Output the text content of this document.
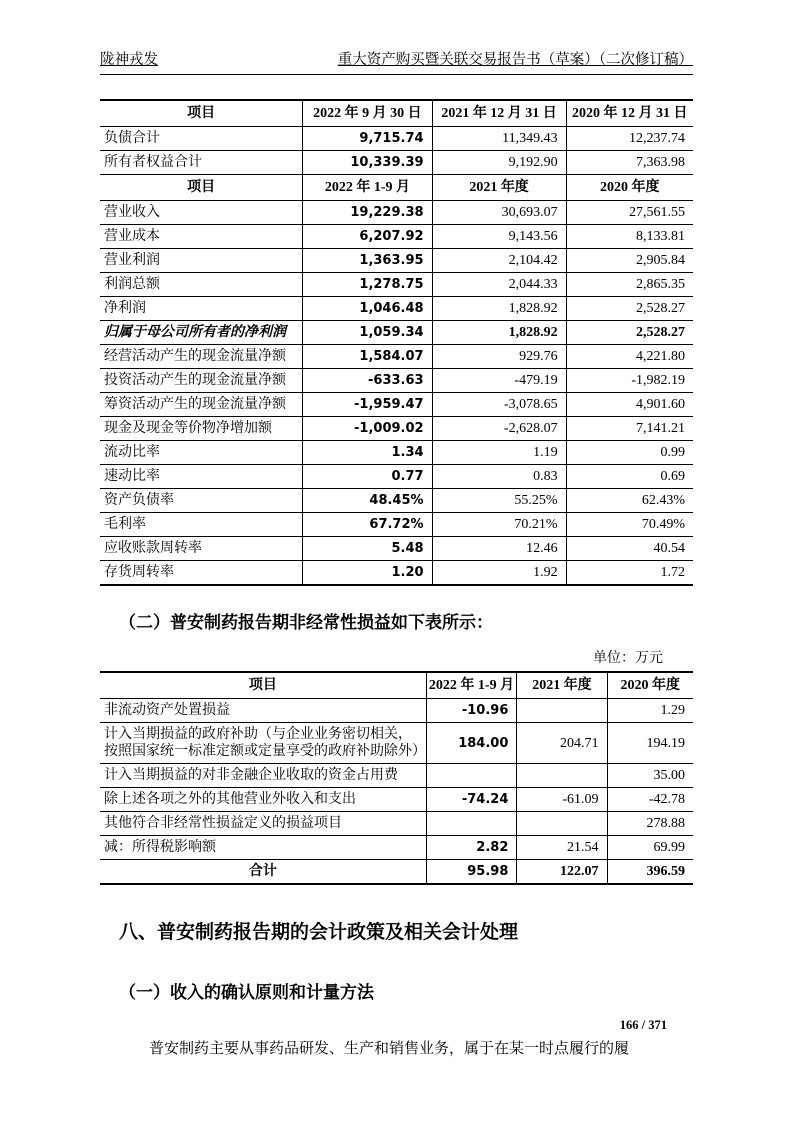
陇神戎发	重大资产购买暨关联交易报告书（草案）（二次修订稿）
项目	2022 年 9 月 30 日	2021 年 12 月 31 日	2020 年 12 月 31 日
负债合计	9,715.74	11,349.43	12,237.74
所有者权益合计	10,339.39	9,192.90	7,363.98
项目	2022 年 1-9 月	2021 年度	2020 年度
营业收入	19,229.38	30,693.07	27,561.55
营业成本	6,207.92	9,143.56	8,133.81
营业利润	1,363.95	2,104.42	2,905.84
利润总额	1,278.75	2,044.33	2,865.35
净利润	1,046.48	1,828.92	2,528.27
归属于母公司所有者的净利润	1,059.34	1,828.92	2,528.27
经营活动产生的现金流量净额	1,584.07	929.76	4,221.80
投资活动产生的现金流量净额	-633.63	-479.19	-1,982.19
筹资活动产生的现金流量净额	-1,959.47	-3,078.65	4,901.60
现金及现金等价物净增加额	-1,009.02	-2,628.07	7,141.21
流动比率	1.34	1.19	0.99
速动比率	0.77	0.83	0.69
资产负债率	48.45%	55.25%	62.43%
毛利率	67.72%	70.21%	70.49%
应收账款周转率	5.48	12.46	40.54
存货周转率	1.20	1.92	1.72
（二）普安制药报告期非经常性损益如下表所示：
单位：万元
项目	2022 年 1-9 月	2021 年度	2020 年度
非流动资产处置损益	-10.96		1.29
计入当期损益的政府补助（与企业业务密切相关，按照国家统一标准定额或定量享受的政府补助除外）	184.00	204.71	194.19
计入当期损益的对非金融企业收取的资金占用费			35.00
除上述各项之外的其他营业外收入和支出	-74.24	-61.09	-42.78
其他符合非经常性损益定义的损益项目			278.88
减：所得税影响额	2.82	21.54	69.99
合计	95.98	122.07	396.59
八、普安制药报告期的会计政策及相关会计处理
（一）收入的确认原则和计量方法

普安制药主要从事药品研发、生产和销售业务，属于在某一时点履行的履

166 / 371
